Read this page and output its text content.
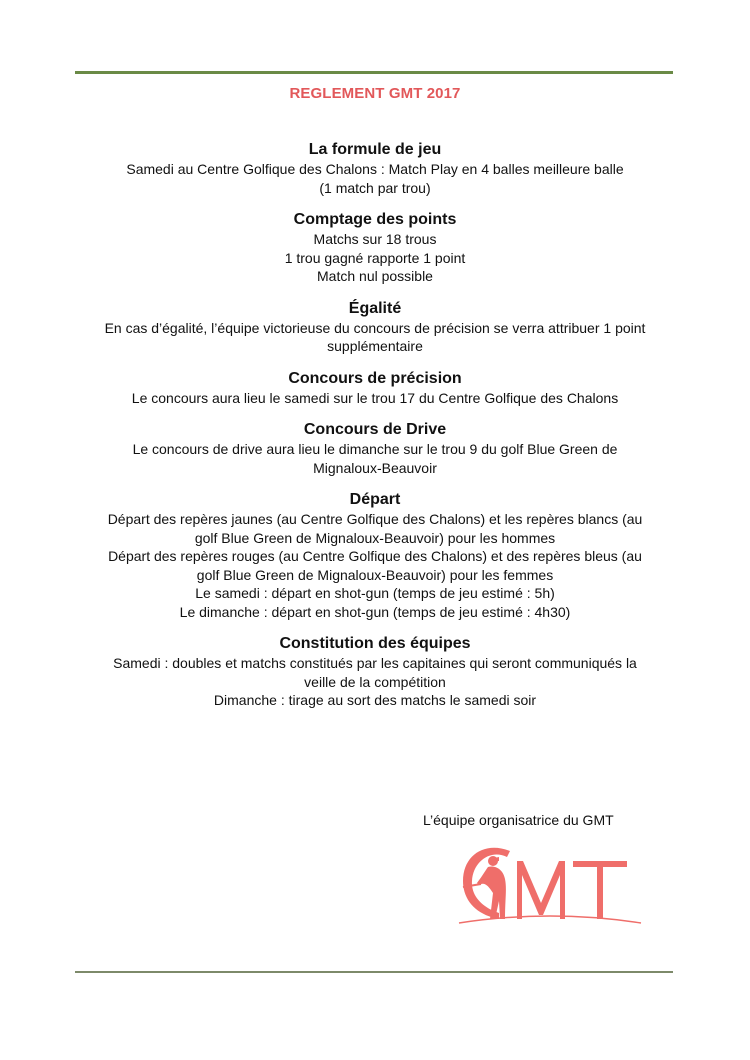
REGLEMENT GMT 2017
La formule de jeu

Samedi au Centre Golfique des Chalons : Match Play en 4 balles meilleure balle

(1 match par trou)

Comptage des points

Matchs sur 18 trous

1 trou gagné rapporte 1 point

Match nul possible

Égalité

En cas d’égalité, l’équipe victorieuse du concours de précision se verra attribuer 1 point

supplémentaire

Concours de précision

Le concours aura lieu le samedi sur le trou 17 du Centre Golfique des Chalons

Concours de Drive

Le concours de drive aura lieu le dimanche sur le trou 9 du golf Blue Green de

Mignaloux-Beauvoir

Départ

Départ des repères jaunes (au Centre Golfique des Chalons) et les repères blancs (au

golf Blue Green de Mignaloux-Beauvoir) pour les hommes

Départ des repères rouges (au Centre Golfique des Chalons) et des repères bleus (au

golf Blue Green de Mignaloux-Beauvoir) pour les femmes

Le samedi : départ en shot-gun (temps de jeu estimé : 5h)

Le dimanche : départ en shot-gun (temps de jeu estimé : 4h30)

Constitution des équipes

Samedi : doubles et matchs constitués par les capitaines qui seront communiqués la

veille de la compétition

Dimanche : tirage au sort des matchs le samedi soir

L’équipe organisatrice du GMT
